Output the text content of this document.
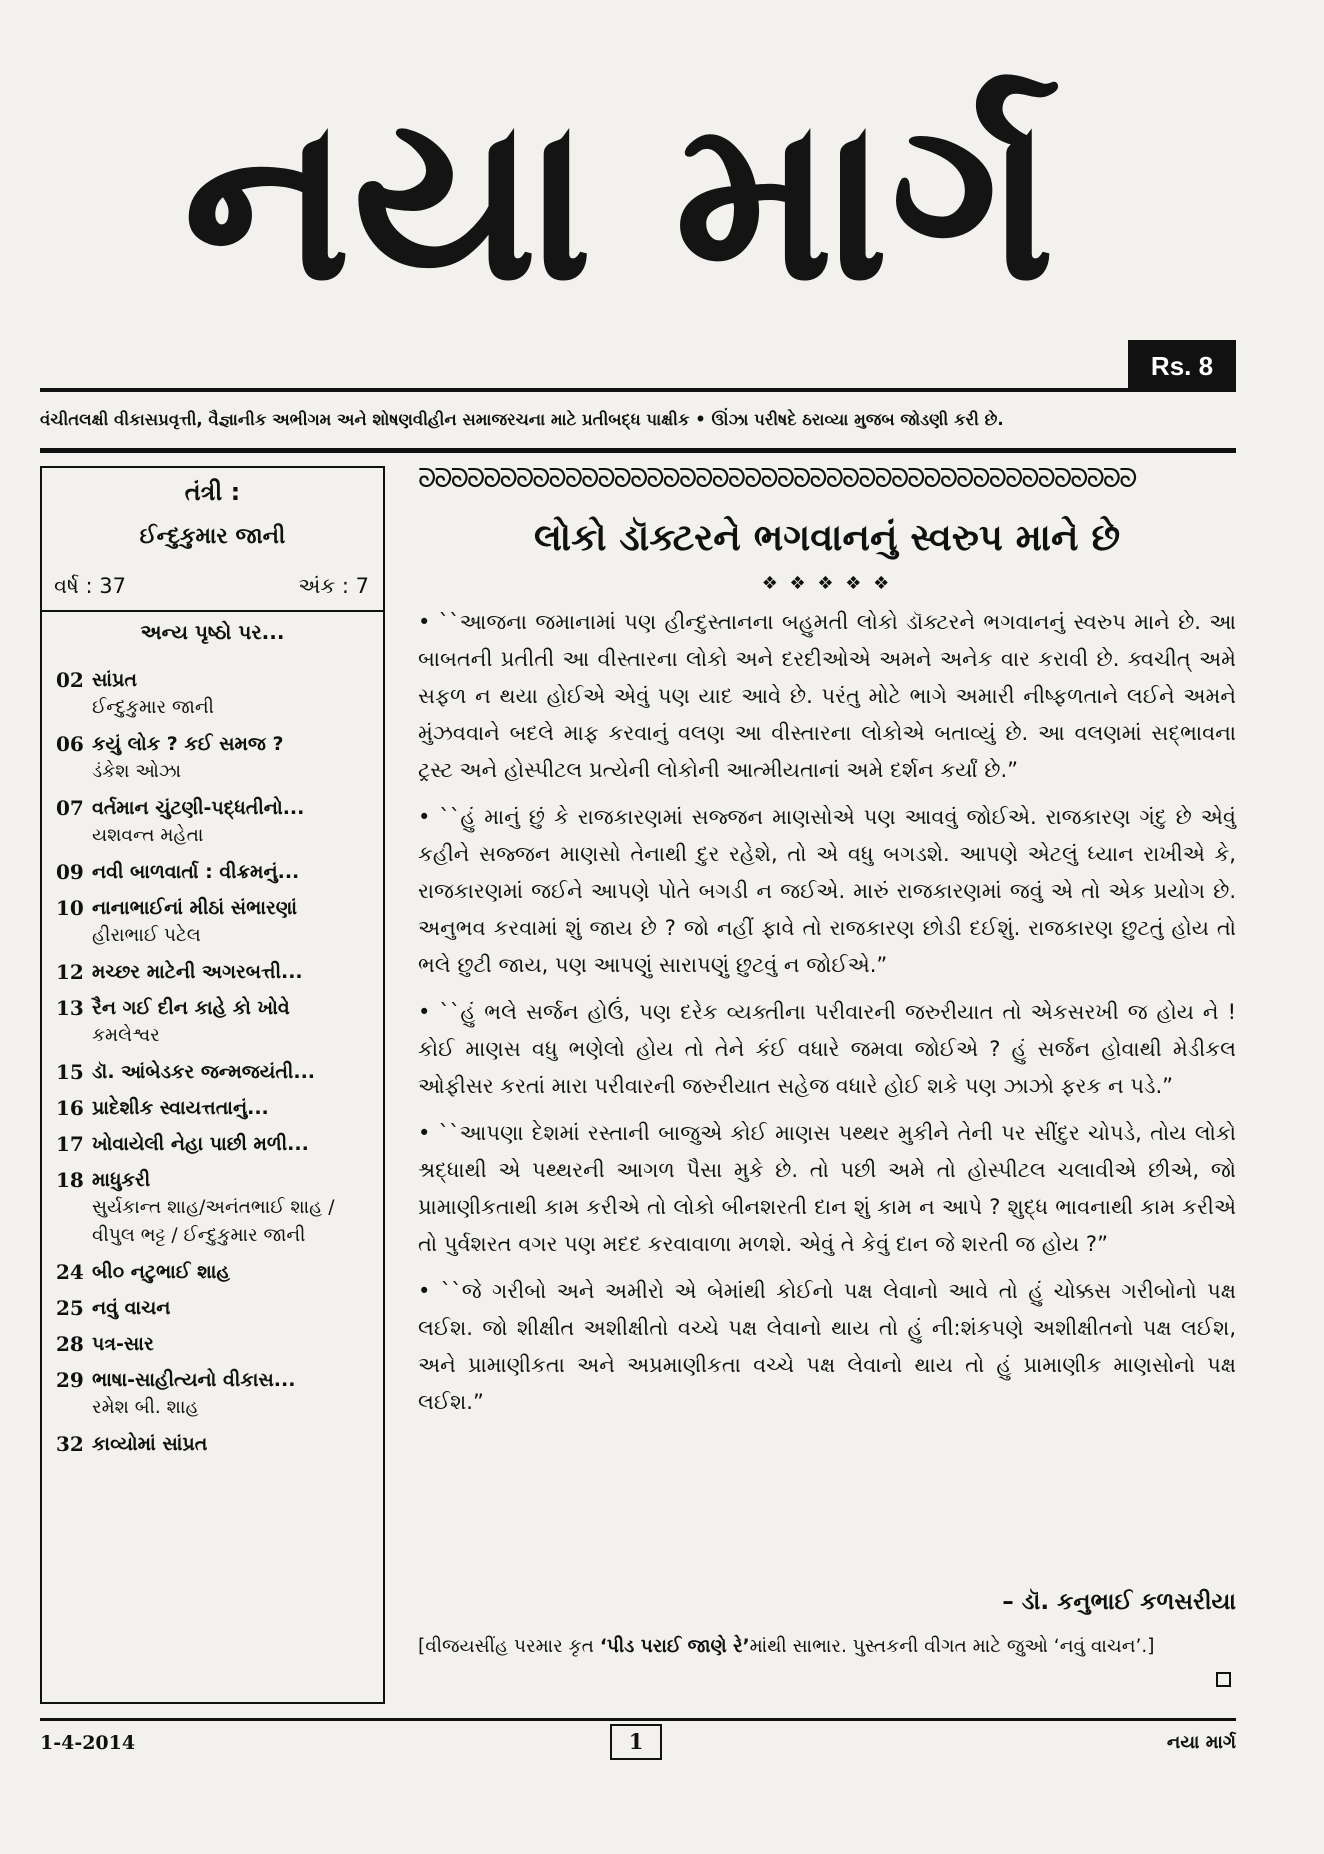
નયા માર્ગ
Rs. 8
વંચીતલક્ષી વીકાસપ્રવૃત્તી, વૈજ્ઞાનીક અભીગમ અને શોષણવીહીન સમાજરચના માટે પ્રતીબદ્ધ પાક્ષીક • ઊંઝા પરીષદે ઠરાવ્યા મુજબ જોડણી કરી છે.
તંત્રી :
ઈન્દુકુમાર જાની
વર્ષ : 37	અંક : 7
અન્ય પૃષ્ઠો પર...
02 સાંપ્રત
ઈન્દુકુમાર જાની
06 કયું લોક ? કઈ સમજ ?
ડંકેશ ઓઝા
07 વર્તમાન ચુંટણી-પદ્ધતીનો...
યશવન્ત મહેતા
09 નવી બાળવાર્તા : વીક્રમનું...
10 નાનાભાઈનાં મીઠાં સંભારણાં
હીરાભાઈ પટેલ
12 મચ્છર માટેની અગરબત્તી...
13 રૈન ગઈ દીન કાહે કો ખોવે
કમલેશ્વર
15 ડૉ. આંબેડકર જન્મજયંતી...
16 પ્રાદેશીક સ્વાયત્તતાનું...
17 ખોવાયેલી નેહા પાછી મળી...
18 માધુકરી
સુર્યકાન્ત શાહ/અનંતભાઈ શાહ / વીપુલ ભટ્ટ / ઈન્દુકુમાર જાની
24 બી૦ નટુભાઈ શાહ
25 નવું વાચન
28 પત્ર-સાર
29 ભાષા-સાહીત્યનો વીકાસ...
રમેશ બી. શાહ
32 કાવ્યોમાં સાંપ્રત
ᘐᘐᘐᘐᘐᘐᘐᘐᘐᘐᘐᘐᘐᘐᘐᘐᘐᘐᘐᘐᘐᘐᘐᘐᘐᘐᘐᘐᘐᘐᘐᘐᘐᘐᘐᘐᘐᘐᘐᘐᘐᘐᘐᘐ
લોકો ડૉક્ટરને ભગવાનનું સ્વરુપ માને છે
❖ ❖ ❖ ❖ ❖

• ``આજના જમાનામાં પણ હીન્દુસ્તાનના બહુમતી લોકો ડૉક્ટરને ભગવાનનું સ્વરુપ માને છે. આ બાબતની પ્રતીતી આ વીસ્તારના લોકો અને દરદીઓએ અમને અનેક વાર કરાવી છે. ક્વચીત્ અમે સફળ ન થયા હોઈએ એવું પણ યાદ આવે છે. પરંતુ મોટે ભાગે અમારી નીષ્ફળતાને લઈને અમને મુંઝવવાને બદલે માફ કરવાનું વલણ આ વીસ્તારના લોકોએ બતાવ્યું છે. આ વલણમાં સદ્ભાવના ટ્રસ્ટ અને હોસ્પીટલ પ્રત્યેની લોકોની આત્મીયતાનાં અમે દર્શન કર્યાં છે.”

• ``હું માનું છું કે રાજકારણમાં સજ્જન માણસોએ પણ આવવું જોઈએ. રાજકારણ ગંદુ છે એવું કહીને સજ્જન માણસો તેનાથી દુર રહેશે, તો એ વધુ બગડશે. આપણે એટલું ધ્યાન રાખીએ કે, રાજકારણમાં જઈને આપણે પોતે બગડી ન જઈએ. મારું રાજકારણમાં જવું એ તો એક પ્રયોગ છે. અનુભવ કરવામાં શું જાય છે ? જો નહીં ફાવે તો રાજકારણ છોડી દઈશું. રાજકારણ છુટતું હોય તો ભલે છુટી જાય, પણ આપણું સારાપણું છુટવું ન જોઈએ.”

• ``હું ભલે સર્જન હોઉં, પણ દરેક વ્યક્તીના પરીવારની જરુરીયાત તો એકસરખી જ હોય ને ! કોઈ માણસ વધુ ભણેલો હોય તો તેને કંઈ વધારે જમવા જોઈએ ? હું સર્જન હોવાથી મેડીકલ ઓફીસર કરતાં મારા પરીવારની જરુરીયાત સહેજ વધારે હોઈ શકે પણ ઝાઝો ફરક ન પડે.”

• ``આપણા દેશમાં રસ્તાની બાજુએ કોઈ માણસ પથ્થર મુકીને તેની પર સીંદુર ચોપડે, તોય લોકો શ્રદ્ધાથી એ પથ્થરની આગળ પૈસા મુકે છે. તો પછી અમે તો હોસ્પીટલ ચલાવીએ છીએ, જો પ્રામાણીકતાથી કામ કરીએ તો લોકો બીનશરતી દાન શું કામ ન આપે ? શુદ્ધ ભાવનાથી કામ કરીએ તો પુર્વશરત વગર પણ મદદ કરવાવાળા મળશે. એવું તે કેવું દાન જે શરતી જ હોય ?”

• ``જે ગરીબો અને અમીરો એ બેમાંથી કોઈનો પક્ષ લેવાનો આવે તો હું ચોક્કસ ગરીબોનો પક્ષ લઈશ. જો શીક્ષીત અશીક્ષીતો વચ્ચે પક્ષ લેવાનો થાય તો હું ની:શંકપણે અશીક્ષીતનો પક્ષ લઈશ, અને પ્રામાણીકતા અને અપ્રમાણીકતા વચ્ચે પક્ષ લેવાનો થાય તો હું પ્રામાણીક માણસોનો પક્ષ લઈશ.”

– ડૉ. કનુભાઈ કળસરીયા
[વીજયસીંહ પરમાર કૃત ‘પીડ પરાઈ જાણે રે’માંથી સાભાર. પુસ્તકની વીગત માટે જુઓ ‘નવું વાચન’.]
1-4-2014	1	નયા માર્ગ
